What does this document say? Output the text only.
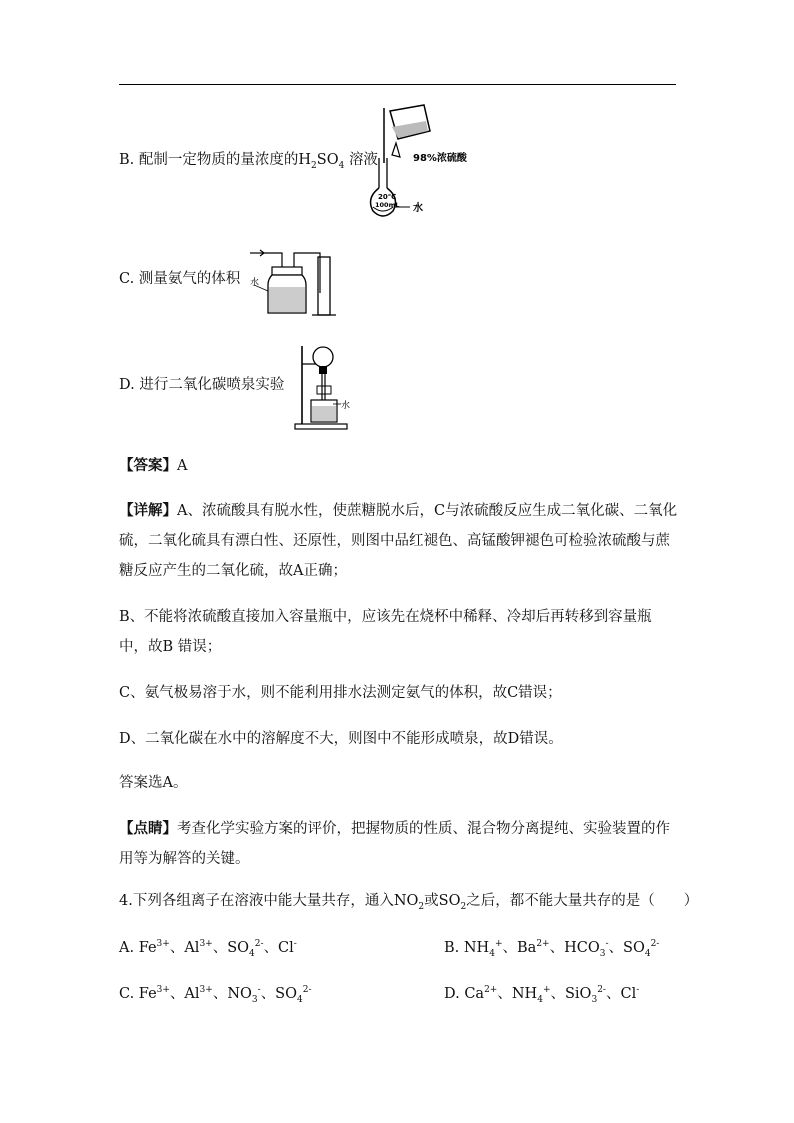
B. 配制一定物质的量浓度的$H_2SO_4$ 溶液	98%浓硫酸
20℃
100mL 水
C. 测量氨气的体积 水
D. 进行二氧化碳喷泉实验
水
【答案】A
【详解】A、浓硫酸具有脱水性，使蔗糖脱水后，C与浓硫酸反应生成二氧化碳、二氧化硫，二氧化硫具有漂白性、还原性，则图中品红褪色、高锰酸钾褪色可检验浓硫酸与蔗糖反应产生的二氧化硫，故A正确；
B、不能将浓硫酸直接加入容量瓶中，应该先在烧杯中稀释、冷却后再转移到容量瓶中，故B 错误；
C、氨气极易溶于水，则不能利用排水法测定氨气的体积，故C错误；
D、二氧化碳在水中的溶解度不大，则图中不能形成喷泉，故D错误。
答案选A。
【点睛】考查化学实验方案的评价，把握物质的性质、混合物分离提纯、实验装置的作用等为解答的关键。
4.下列各组离子在溶液中能大量共存，通入$NO_2$或$SO_2$之后，都不能大量共存的是（　　）
A. $Fe^{3+}$、$Al^{3+}$、$SO_4^{2-}$、Cl-	B. $NH_4^+$、$Ba^{2+}$、$HCO_3^-$、$SO_4^{2-}$
C. $Fe^{3+}$、$Al^{3+}$、$NO_3^-$、$SO_4^{2-}$	D. $Ca^{2+}$、$NH_4^+$、SiO$_3^{2-}$、Cl-
